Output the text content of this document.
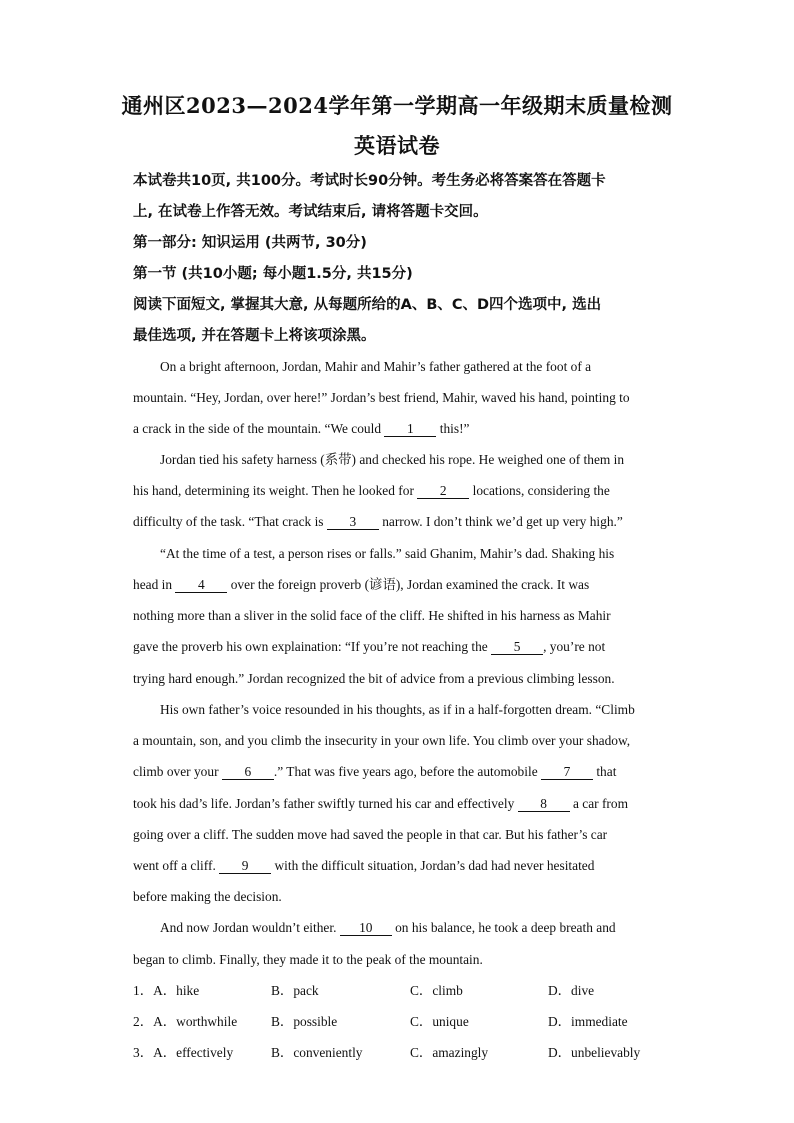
通州区2023—2024学年第一学期高一年级期末质量检测
英语试卷
本试卷共10页, 共100分。考试时长90分钟。考生务必将答案答在答题卡
上, 在试卷上作答无效。考试结束后, 请将答题卡交回。
第一部分: 知识运用 (共两节, 30分)
第一节 (共10小题; 每小题1.5分, 共15分)
阅读下面短文, 掌握其大意, 从每题所给的A、B、C、D四个选项中, 选出
最佳选项, 并在答题卡上将该项涂黑。
On a bright afternoon, Jordan, Mahir and Mahir’s father gathered at the foot of a
mountain. “Hey, Jordan, over here!” Jordan’s best friend, Mahir, waved his hand, pointing to
a crack in the side of the mountain. “We could 1 this!”
Jordan tied his safety harness (系带) and checked his rope. He weighed one of them in
his hand, determining its weight. Then he looked for 2 locations, considering the
difficulty of the task. “That crack is 3 narrow. I don’t think we’d get up very high.”
“At the time of a test, a person rises or falls.” said Ghanim, Mahir’s dad. Shaking his
head in 4 over the foreign proverb (谚语), Jordan examined the crack. It was
nothing more than a sliver in the solid face of the cliff. He shifted in his harness as Mahir
gave the proverb his own explaination: “If you’re not reaching the 5 , you’re not
trying hard enough.” Jordan recognized the bit of advice from a previous climbing lesson.
His own father’s voice resounded in his thoughts, as if in a half-forgotten dream. “Climb
a mountain, son, and you climb the insecurity in your own life. You climb over your shadow,
climb over your 6 .” That was five years ago, before the automobile 7 that
took his dad’s life. Jordan’s father swiftly turned his car and effectively 8 a car from
going over a cliff. The sudden move had saved the people in that car. But his father’s car
went off a cliff. 9 with the difficult situation, Jordan’s dad had never hesitated
before making the decision.
And now Jordan wouldn’t either. 10 on his balance, he took a deep breath and
began to climb. Finally, they made it to the peak of the mountain.
1．A．hike	B．pack	C．climb	D．dive
2．A．worthwhile	B．possible	C．unique	D．immediate
3．A．effectively	B．conveniently	C．amazingly	D．unbelievably
